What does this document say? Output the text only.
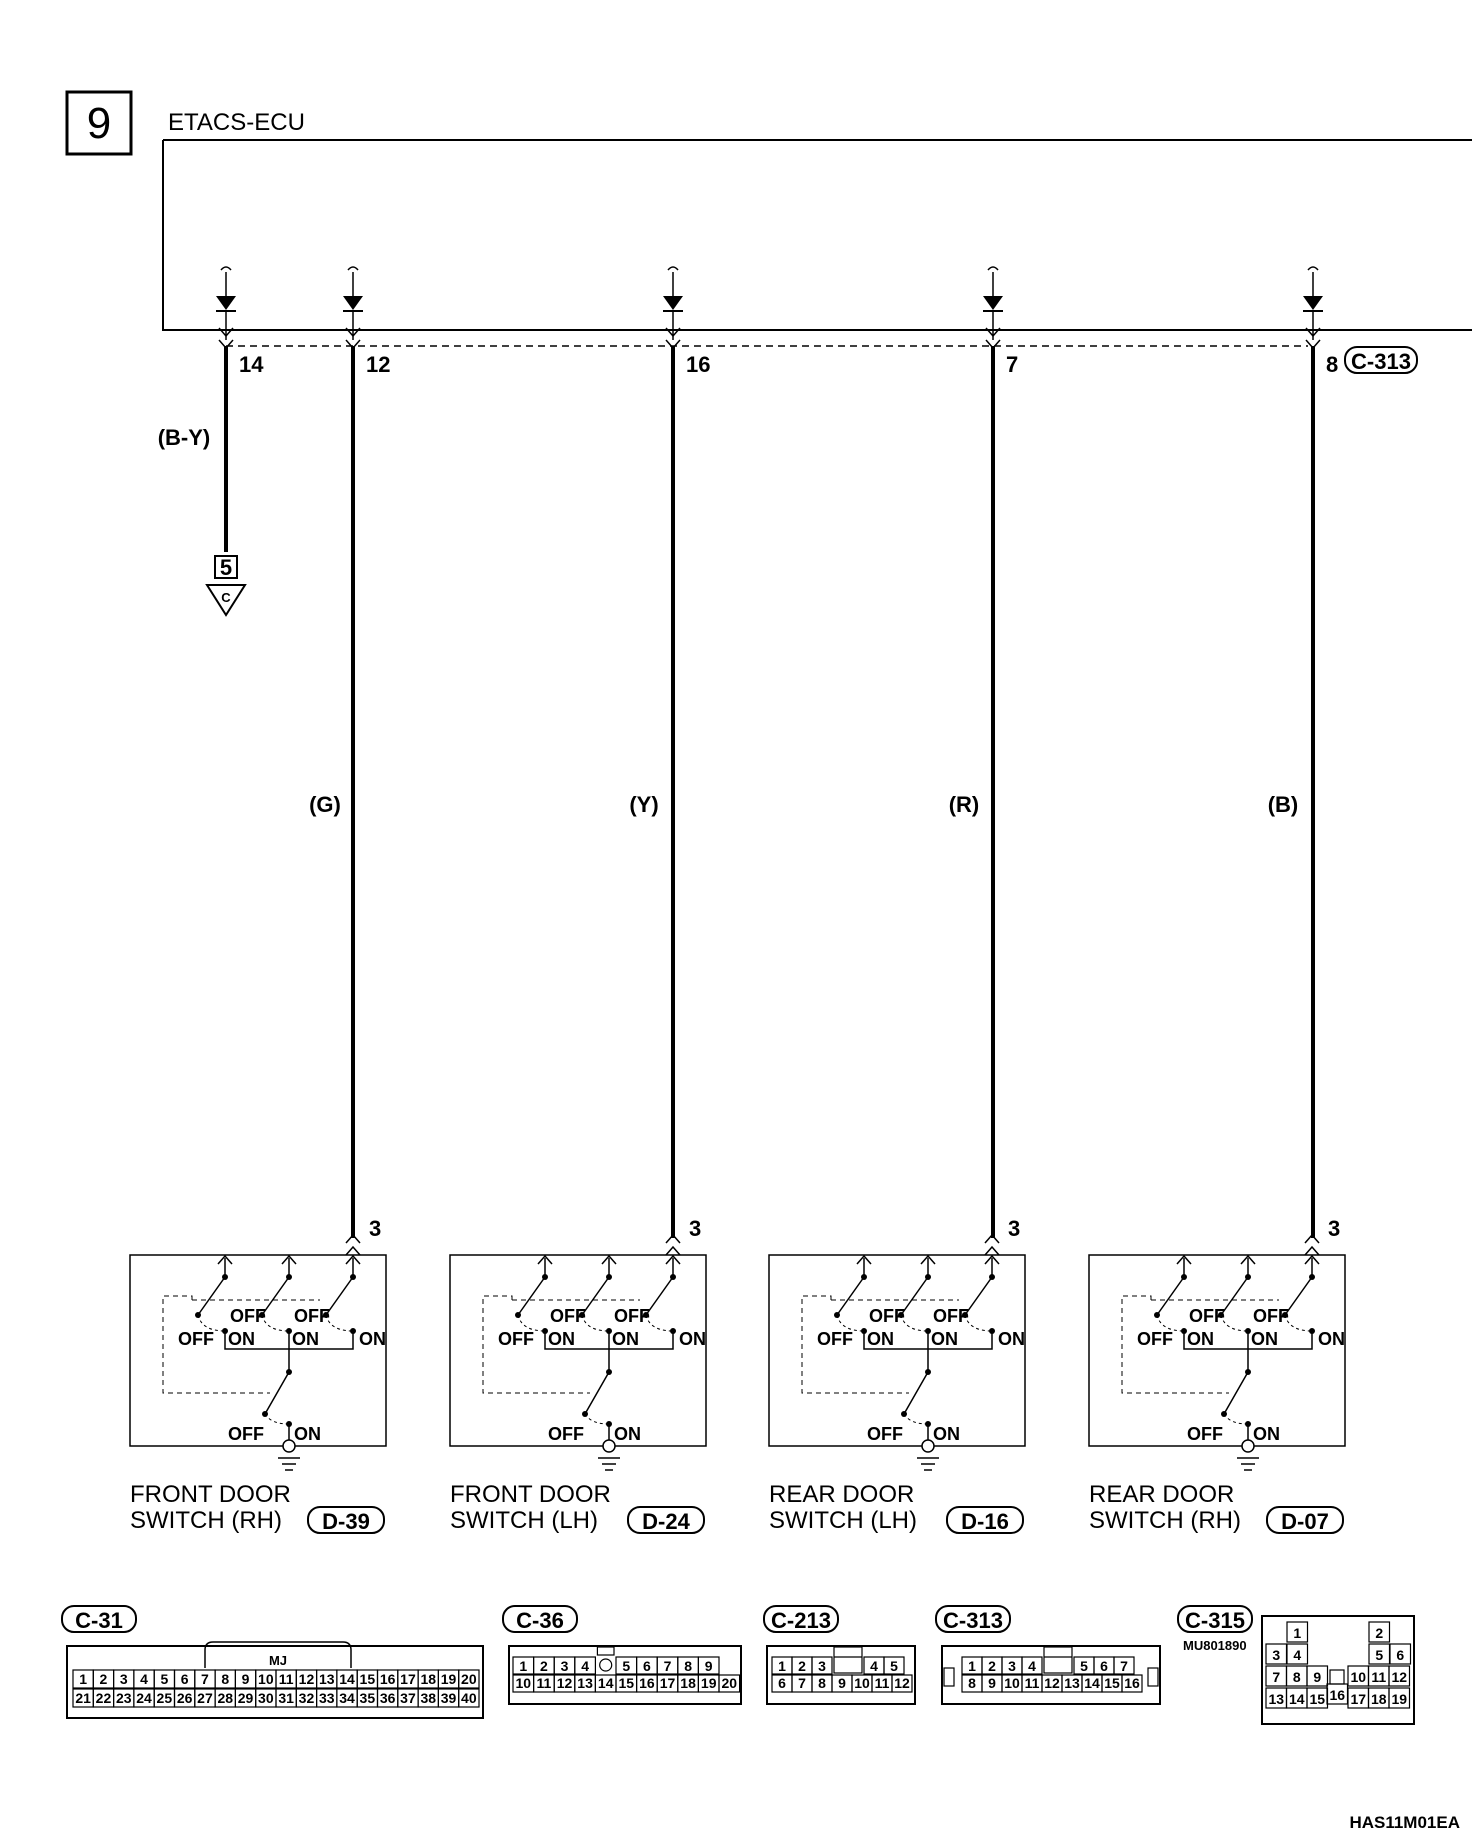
9 ETACS-ECU
C-313
14
(B-Y)
12
(G)
16
(Y)
7
(R)
8
(B)
5
C
3
OFF
OFF OFF
ON ON ON
OFF ON
FRONT DOOR
SWITCH (RH) D-39
3
OFF
OFF OFF
ON ON ON
OFF ON
FRONT DOOR
SWITCH (LH) D-24
3
OFF
OFF OFF
ON ON ON
OFF ON
REAR DOOR
SWITCH (LH) D-16
3
OFF
OFF OFF
ON ON ON
OFF ON
REAR DOOR
SWITCH (RH) D-07
C-31
MJ
1 2 3 4 5 6 7 8 9 10 11 12 13 14 15 16 17 18 19 20
21 22 23 24 25 26 27 28 29 30 31 32 33 34 35 36 37 38 39 40
C-36
1 2 3 4 5 6 7 8 9
10 11 12 13 14 15 16 17 18 19 20
C-213
1 2 3	4 5
6 7 8 9 10 11 12
C-313
1 2 3 4	5 6 7
8 9 10 11 12 13 14 15 16
C-315
MU801890
1	2
3 4	5 6
7 8 9 10 11 12
13 14 15 16 17 18 19
HAS11M01EA
